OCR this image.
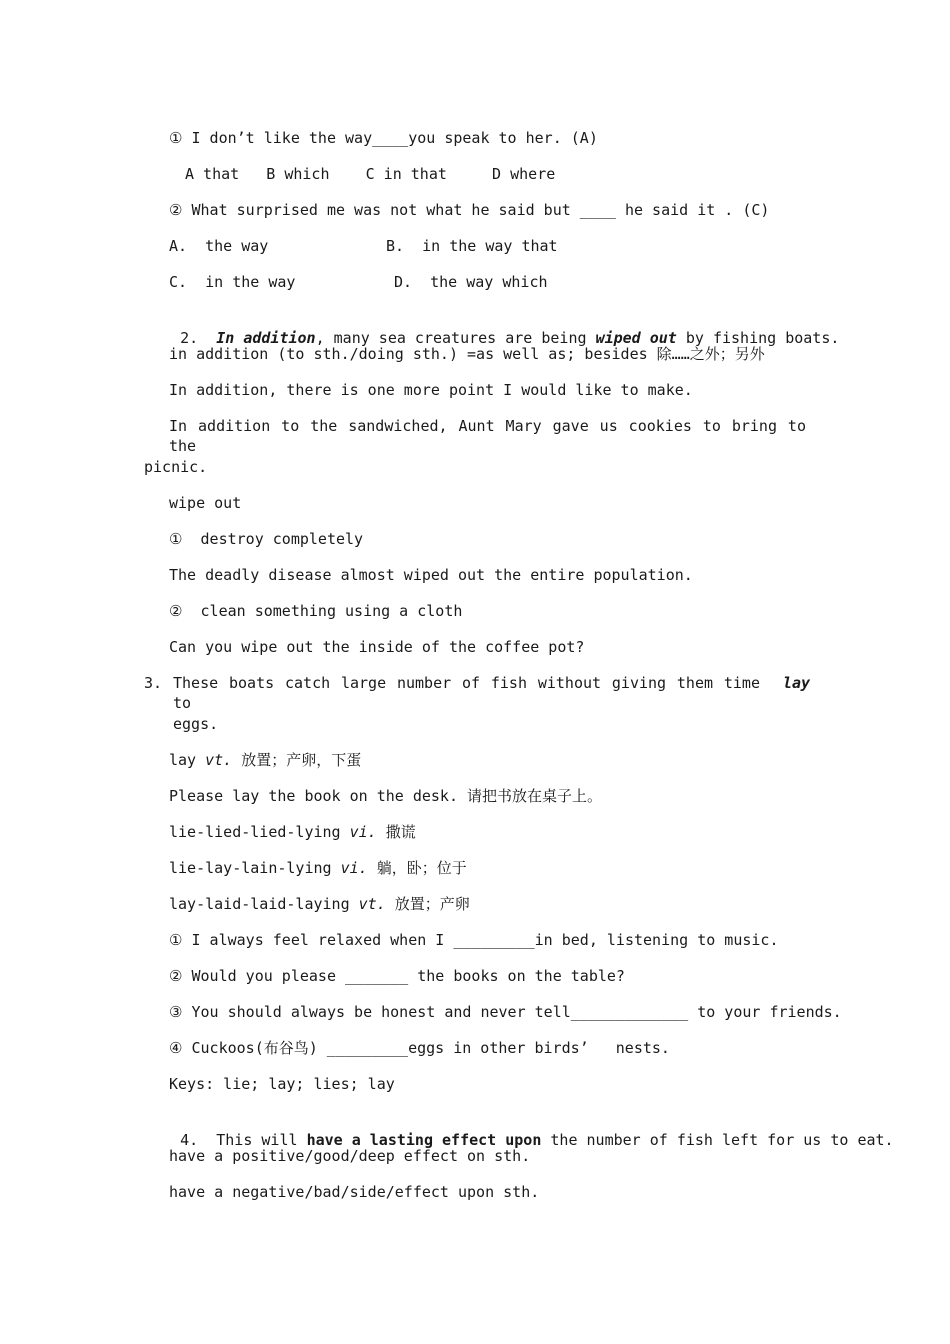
① I don’t like the way____you speak to her. (A)
A that   B which    C in that     D where
② What surprised me was not what he said but ____ he said it . (C)
A.  the way	B.  in the way that
C.  in the way	D.  the way which

2. In addition, many sea creatures are being wiped out by fishing boats.

in addition (to sth./doing sth.) =as well as; besides 除……之外；另外
In addition, there is one more point I would like to make.
In addition to the sandwiched, Aunt Mary gave us cookies to bring to the
picnic.
wipe out
①  destroy completely
The deadly disease almost wiped out the entire population.
②  clean something using a cloth
Can you wipe out the inside of the coffee pot?
3. These boats catch large number of fish without giving them time to
lay
eggs.
lay vt. 放置；产卵，下蛋
Please lay the book on the desk. 请把书放在桌子上。
lie-lied-lied-lying vi. 撒谎
lie-lay-lain-lying vi. 躺，卧；位于
lay-laid-laid-laying vt. 放置；产卵
① I always feel relaxed when I _________in bed, listening to music.
② Would you please _______ the books on the table?
③ You should always be honest and never tell_____________ to your friends.
④ Cuckoos(布谷鸟) _________eggs in other birds’   nests.
Keys: lie; lay; lies; lay

4. This will have a lasting effect upon the number of fish left for us to eat.

have a positive/good/deep effect on sth.
have a negative/bad/side/effect upon sth.
